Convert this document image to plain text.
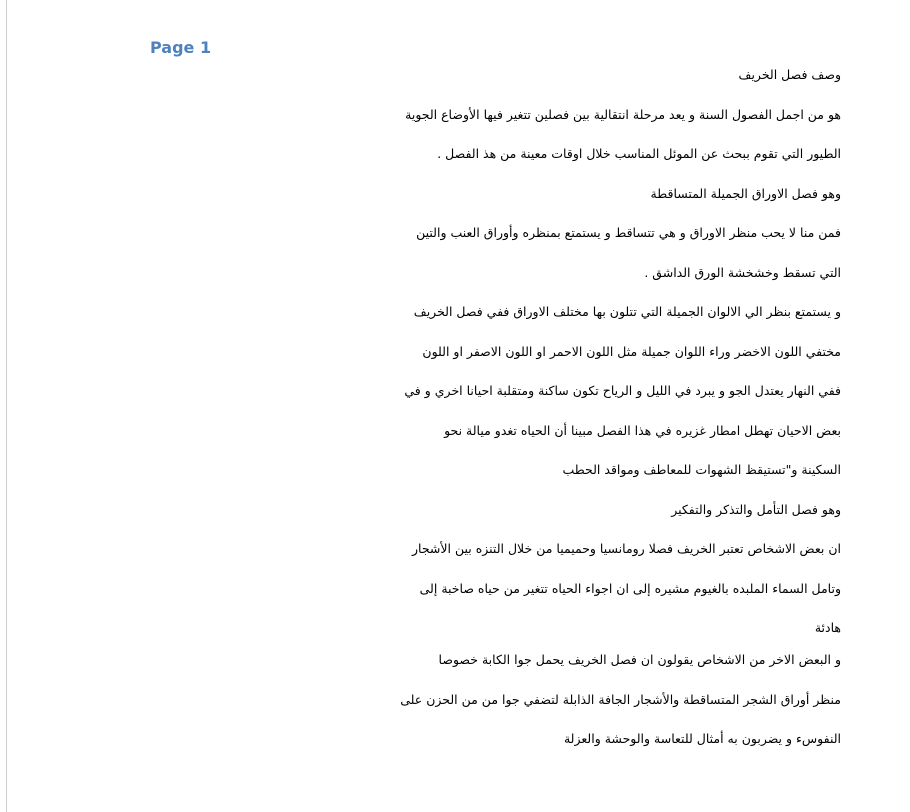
Page 1
وصف فصل الخريف
هو من اجمل الفصول السنة و يعد مرحلة انتقالية بين فصلين تتغير فيها الأوضاع الجوية
الطيور التي تقوم ببحث عن الموئل المناسب خلال اوقات معينة من هذ الفصل .
وهو فصل الاوراق الجميلة المتساقطة
فمن منا لا يحب منظر الاوراق و هي تتساقط و يستمتع بمنظره وأوراق العنب والتين
التي تسقط وخشخشة الورق الداشق .
و يستمتع بنظر الي الالوان الجميلة التي تتلون بها مختلف الاوراق ففي فصل الخريف
مختفي اللون الاخضر وراء اللوان جميلة مثل اللون الاحمر او اللون الاصفر او اللون
ففي النهار يعتدل الجو و يبرد في الليل و الرياح تكون ساكنة ومتقلبة احيانا اخري و في
بعض الاحيان تهطل امطار غزيره في هذا الفصل مبينا أن الحياه تغدو ميالة نحو
السكينة و"تستيقظ الشهوات للمعاطف ومواقد الحطب
وهو فصل التأمل والتذكر والتفكير
ان بعض الاشخاص تعتبر الخريف فصلا رومانسيا وحميميا من خلال التنزه بين الأشجار
وتامل السماء الملبده بالغيوم مشيره إلى ان اجواء الحياه تتغير من حياه صاخبة إلى
هادئة
و البعض الاخر من الاشخاص يقولون ان فصل الخريف يحمل جوا الكابة خصوصا
منظر أوراق الشجر المتساقطة والأشجار الجافة الذابلة لتضفي جوا من من الحزن على
النفوسء و يضربون به أمثال للتعاسة والوحشة والعزلة
